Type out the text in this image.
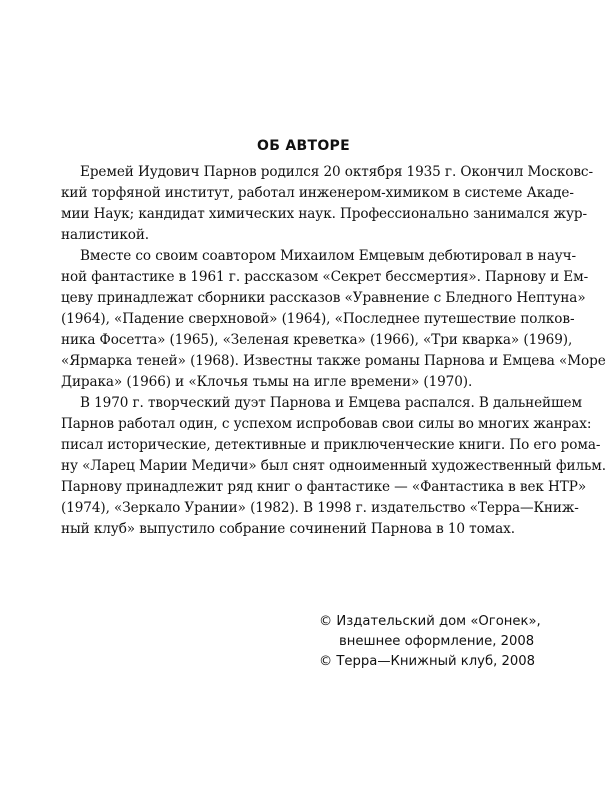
ОБ АВТОРЕ
Еремей Иудович Парнов родился 20 октября 1935 г. Окончил Московс-
кий торфяной институт, работал инженером-химиком в системе Акаде-
мии Наук; кандидат химических наук. Профессионально занимался жур-
налистикой.
Вместе со своим соавтором Михаилом Емцевым дебютировал в науч-
ной фантастике в 1961 г. рассказом «Секрет бессмертия». Парнову и Ем-
цеву принадлежат сборники рассказов «Уравнение с Бледного Нептуна»
(1964), «Падение сверхновой» (1964), «Последнее путешествие полков-
ника Фосетта» (1965), «Зеленая креветка» (1966), «Три кварка» (1969),
«Ярмарка теней» (1968). Известны также романы Парнова и Емцева «Море
Дирака» (1966) и «Клочья тьмы на игле времени» (1970).
В 1970 г. творческий дуэт Парнова и Емцева распался. В дальнейшем
Парнов работал один, с успехом испробовав свои силы во многих жанрах:
писал исторические, детективные и приключенческие книги. По его рома-
ну «Ларец Марии Медичи» был снят одноименный художественный фильм.
Парнову принадлежит ряд книг о фантастике — «Фантастика в век НТР»
(1974), «Зеркало Урании» (1982). В 1998 г. издательство «Терра—Книж-
ный клуб» выпустило собрание сочинений Парнова в 10 томах.
© Издательский дом «Огонек»,
внешнее оформление, 2008
© Терра—Книжный клуб, 2008
